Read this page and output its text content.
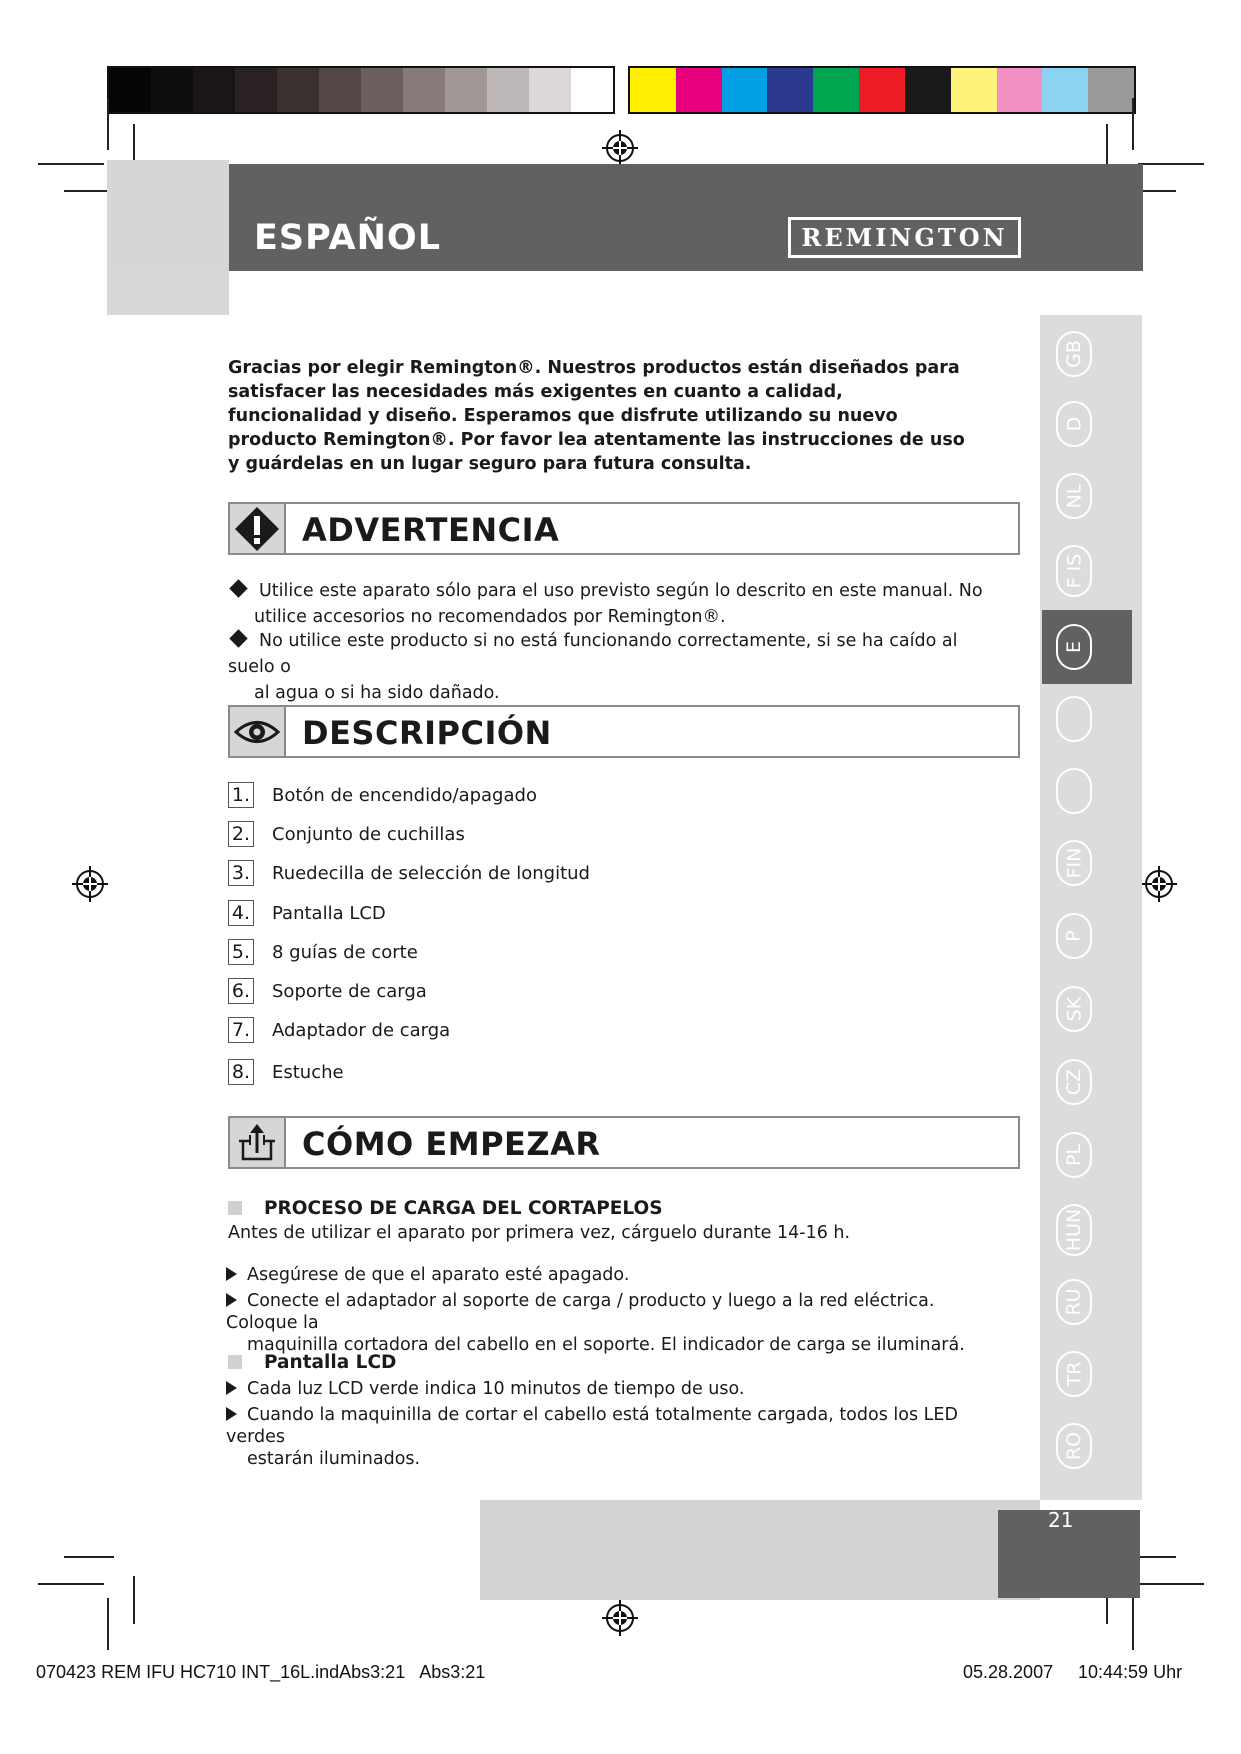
ESPAÑOL	REMINGTON
Gracias por elegir Remington®. Nuestros productos están diseñados para satisfacer las necesidades más exigentes en cuanto a calidad, funcionalidad y diseño. Esperamos que disfrute utilizando su nuevo producto Remington®. Por favor lea atentamente las instrucciones de uso y guárdelas en un lugar seguro para futura consulta.
ADVERTENCIA
Utilice este aparato sólo para el uso previsto según lo descrito en este manual. No
utilice accesorios no recomendados por Remington®.
No utilice este producto si no está funcionando correctamente, si se ha caído al suelo o
al agua o si ha sido dañado.
DESCRIPCIÓN
1. Botón de encendido/apagado
2. Conjunto de cuchillas
3. Ruedecilla de selección de longitud
4. Pantalla LCD
5. 8 guías de corte
6. Soporte de carga
7. Adaptador de carga
8. Estuche
CÓMO EMPEZAR
PROCESO DE CARGA DEL CORTAPELOS
Antes de utilizar el aparato por primera vez, cárguelo durante 14-16 h.
Asegúrese de que el aparato esté apagado.
Conecte el adaptador al soporte de carga / producto y luego a la red eléctrica. Coloque la
maquinilla cortadora del cabello en el soporte. El indicador de carga se iluminará.
Pantalla LCD
Cada luz LCD verde indica 10 minutos de tiempo de uso.
Cuando la maquinilla de cortar el cabello está totalmente cargada, todos los LED verdes
estarán iluminados.
GB
D
NL
F IS
E
FIN
P
SK
CZ
PL
HUN
RU
TR
RO
21
070423 REM IFU HC710 INT_16L.indAbs3:21   Abs3:21	05.28.2007 10:44:59 Uhr
